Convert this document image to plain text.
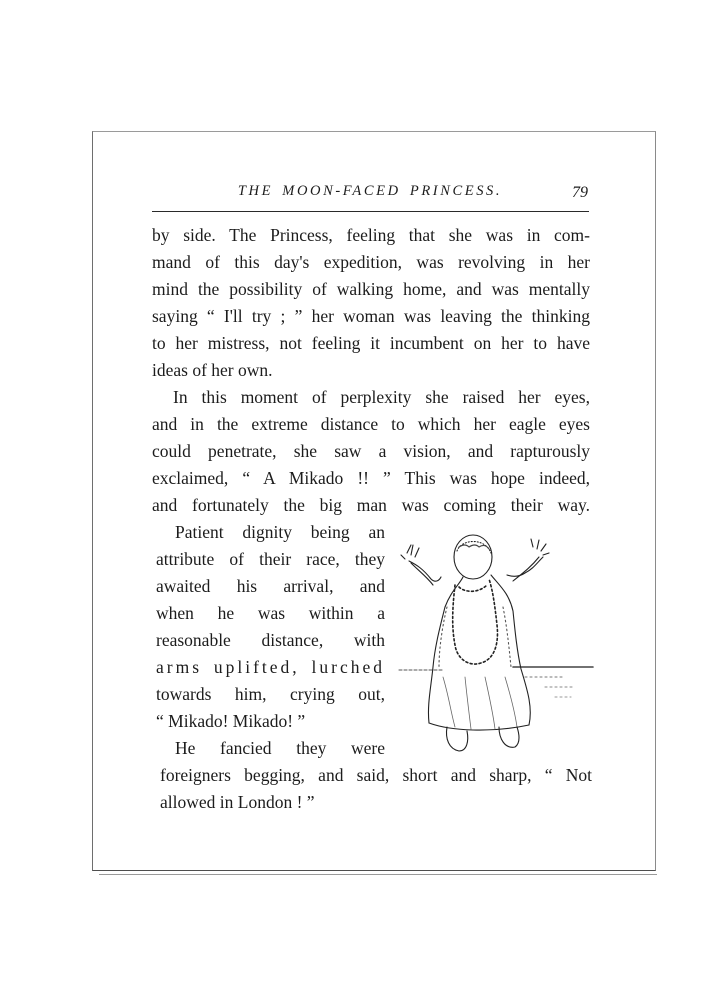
THE MOON-FACED PRINCESS.	79
by side. The Princess, feeling that she was in com-
mand of this day's expedition, was revolving in her
mind the possibility of walking home, and was mentally
saying “ I'll try ; ” her woman was leaving the thinking
to her mistress, not feeling it incumbent on her to have
ideas of her own.
In this moment of perplexity she raised her eyes,
and in the extreme distance to which her eagle eyes
could penetrate, she saw a vision, and rapturously
exclaimed, “ A Mikado !! ” This was hope indeed,
and fortunately the big man was coming their way.
Patient dignity being an
attribute of their race, they
awaited his arrival, and
when he was within a
reasonable distance, with
arms uplifted, lurched
towards him, crying out,
“ Mikado! Mikado! ”
He fancied they were
foreigners begging, and said, short and sharp, “ Not
allowed in London ! ”
